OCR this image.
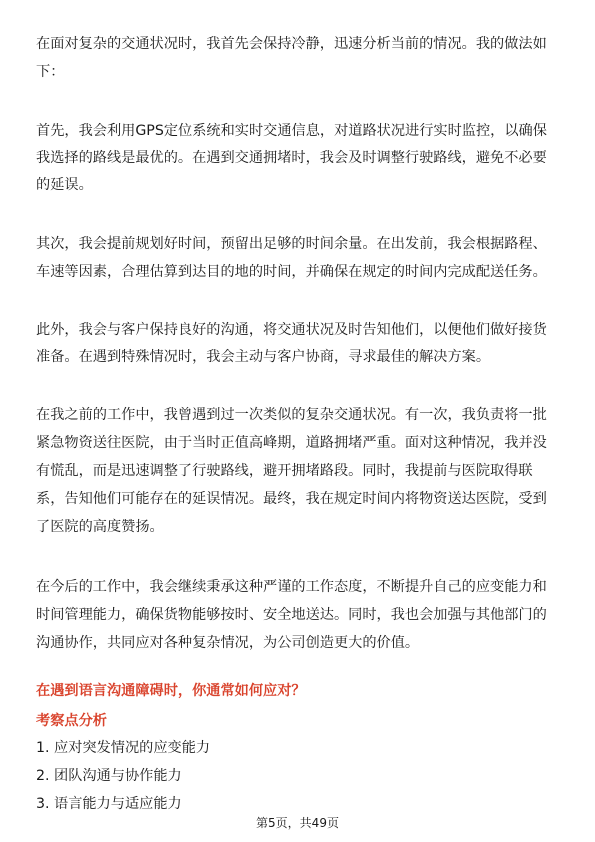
在面对复杂的交通状况时，我首先会保持冷静，迅速分析当前的情况。我的做法如
下：
首先，我会利用GPS定位系统和实时交通信息，对道路状况进行实时监控，以确保
我选择的路线是最优的。在遇到交通拥堵时，我会及时调整行驶路线，避免不必要
的延误。
其次，我会提前规划好时间，预留出足够的时间余量。在出发前，我会根据路程、
车速等因素，合理估算到达目的地的时间，并确保在规定的时间内完成配送任务。
此外，我会与客户保持良好的沟通，将交通状况及时告知他们，以便他们做好接货
准备。在遇到特殊情况时，我会主动与客户协商，寻求最佳的解决方案。
在我之前的工作中，我曾遇到过一次类似的复杂交通状况。有一次，我负责将一批
紧急物资送往医院，由于当时正值高峰期，道路拥堵严重。面对这种情况，我并没
有慌乱，而是迅速调整了行驶路线，避开拥堵路段。同时，我提前与医院取得联
系，告知他们可能存在的延误情况。最终，我在规定时间内将物资送达医院，受到
了医院的高度赞扬。
在今后的工作中，我会继续秉承这种严谨的工作态度，不断提升自己的应变能力和
时间管理能力，确保货物能够按时、安全地送达。同时，我也会加强与其他部门的
沟通协作，共同应对各种复杂情况，为公司创造更大的价值。
在遇到语言沟通障碍时，你通常如何应对？
考察点分析
1. 应对突发情况的应变能力
2. 团队沟通与协作能力
3. 语言能力与适应能力
第5页，共49页
